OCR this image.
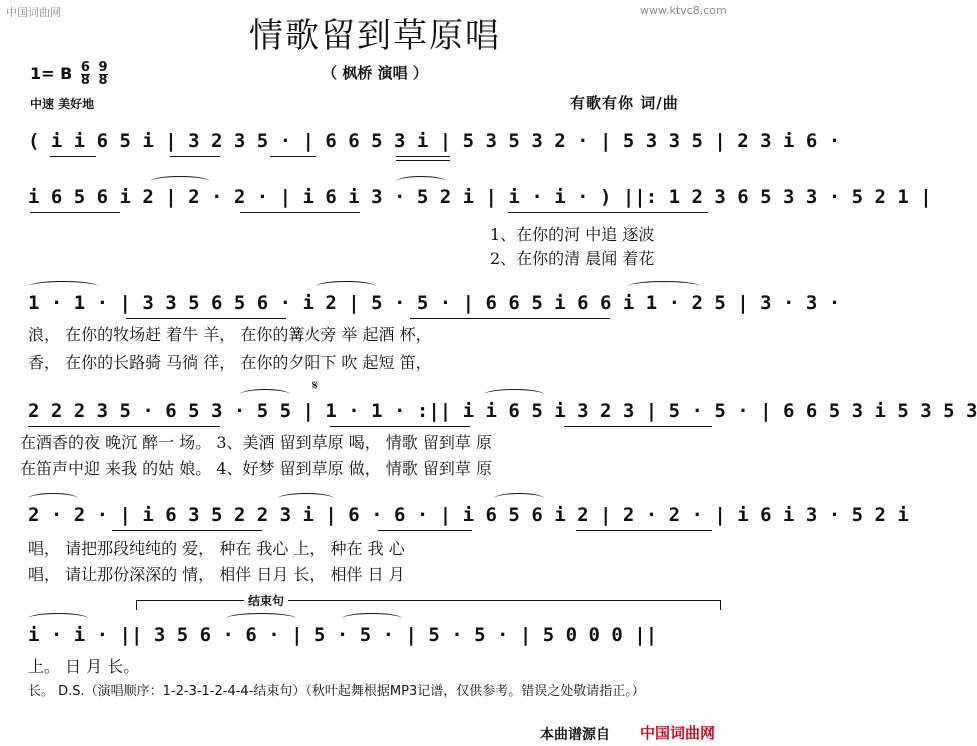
中国词曲网	www.ktvc8.com
情歌留到草原唱
（ 枫桥 演唱 ）
1= B $\frac{6}{8}$
$\frac{9}{8}$
中速 美好地	有歌有你 词/曲
( i i 6 5 i | 3 2 3 5 · | 6 6 5 3 i | 5 3 5 3 2 · | 5 3 3 5 | 2 3 i 6 ·
i 6 5 6 i 2 | 2 · 2 · | i 6 i 3 · 5 2 i | i · i · ) ||: 1 2 3 6 5 3 3 · 5 2 1 |
1、在你的河 中追 逐波
2、在你的清 晨闻 着花
1 · 1 · | 3 3 5 6 5 6 · i 2 | 5 · 5 · | 6 6 5 i 6 6 i 1 · 2 5 | 3 · 3 ·
浪， 在你的牧场赶 着牛 羊， 在你的篝火旁 举 起酒 杯，
香， 在你的长路骑 马徜 徉， 在你的夕阳下 吹 起短 笛，
𝄋
2 2 2 3 5 · 6 5 3 · 5 5 | 1 · 1 · :|| i i 6 5 i 3 2 3 | 5 · 5 · | 6 6 5 3 i 5 3 5 3
在酒香的夜 晚沉 醉一 场。 3、美酒 留到草原 喝， 情歌 留到草 原
在笛声中迎 来我 的姑 娘。 4、好梦 留到草原 做， 情歌 留到草 原
2 · 2 · | i 6 3 5 2 2 3 i | 6 · 6 · | i 6 5 6 i 2 | 2 · 2 · | i 6 i 3 · 5 2 i
唱， 请把那段纯纯的 爱， 种在 我心 上， 种在 我 心
唱， 请让那份深深的 情， 相伴 日月 长， 相伴 日 月
结束句
i · i · || 3 5 6 · 6 · | 5 · 5 · | 5 · 5 · | 5 0 0 0 ||
上。 日 月 长。
长。 D.S.（演唱顺序：1-2-3-1-2-4-4-结束句）（秋叶起舞根据MP3记谱，仅供参考。错误之处敬请指正。）
本曲谱源自 中国词曲网
